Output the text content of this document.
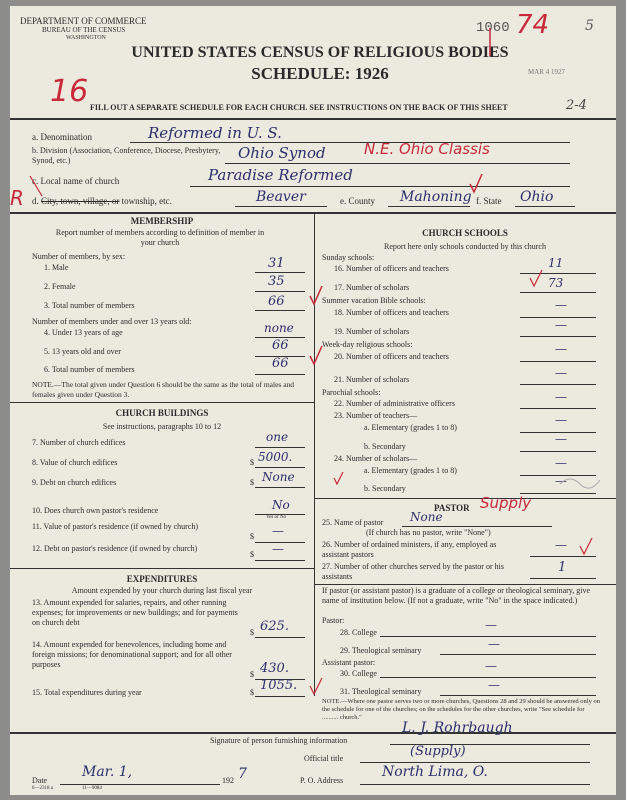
DEPARTMENT OF COMMERCE
BUREAU OF THE CENSUS
WASHINGTON
1060 74	5
UNITED STATES CENSUS OF RELIGIOUS BODIES
SCHEDULE: 1926	MAR 4 1927
16 FILL OUT A SEPARATE SCHEDULE FOR EACH CHURCH. SEE INSTRUCTIONS ON THE BACK OF THIS SHEET	2-4
a. Denomination	Reformed in U. S.
b. Division (Association, Conference, Diocese, Presbytery, Synod, etc.)	Ohio Synod	N.E. Ohio Classis
c. Local name of church	Paradise Reformed
R d. City, town, village, or township, etc.	Beaver	e. County Mahoning f. State Ohio
MEMBERSHIP
Report number of members according to definition of member in your church
Number of members, by sex:
1. Male	31
2. Female	35
3. Total number of members	66
Number of members under and over 13 years old:
4. Under 13 years of age	none
5. 13 years old and over	66
6. Total number of members	66
NOTE.—The total given under Question 6 should be the same as the total of males and females given under Question 3.
CHURCH BUILDINGS
See instructions, paragraphs 10 to 12
7. Number of church edifices	one
8. Value of church edifices	$ 5000.
9. Debt on church edifices	$ None
10. Does church own pastor's residence	No
Yes or No
11. Value of pastor's residence (if owned by church)
$ —
12. Debt on pastor's residence (if owned by church)
$ —
EXPENDITURES
Amount expended by your church during last fiscal year
13. Amount expended for salaries, repairs, and other running expenses; for improvements or new buildings; and for payments on church debt
$ 625.
14. Amount expended for benevolences, including home and foreign missions; for denominational support; and for all other purposes
$ 430.
15. Total expenditures during year	$ 1055.
CHURCH SCHOOLS
Report here only schools conducted by this church
Sunday schools:
16. Number of officers and teachers	11
17. Number of scholars	73
Summer vacation Bible schools:
18. Number of officers and teachers
—
19. Number of scholars	—
Week-day religious schools:
20. Number of officers and teachers
—
21. Number of scholars	—
Parochial schools:
22. Number of administrative officers	—
23. Number of teachers—
a. Elementary (grades 1 to 8)
—
b. Secondary
—
24. Number of scholars—
a. Elementary (grades 1 to 8)
—
b. Secondary
—
PASTOR Supply
25. Name of pastor None
(If church has no pastor, write "None")
26. Number of ordained ministers, if any, employed as assistant pastors
—
27. Number of other churches served by the pastor or his assistants
1
If pastor (or assistant pastor) is a graduate of a college or theological seminary, give name of institution below. (If not a graduate, write "No" in the space indicated.)
Pastor:
28. College
—
29. Theological seminary	—
Assistant pastor:
30. College
—
31. Theological seminary	—
NOTE.—Where one pastor serves two or more churches, Questions 28 and 29 should be answered only on the schedule for one of the churches; on the schedules for the other churches, write "See schedule for .......... church."
Signature of person furnishing information
L. J. Rohrbaugh
Official title	(Supply)
Date
Mar. 1,
192 7	P. O. Address
North Lima, O.
6—2318 a	11—9084
